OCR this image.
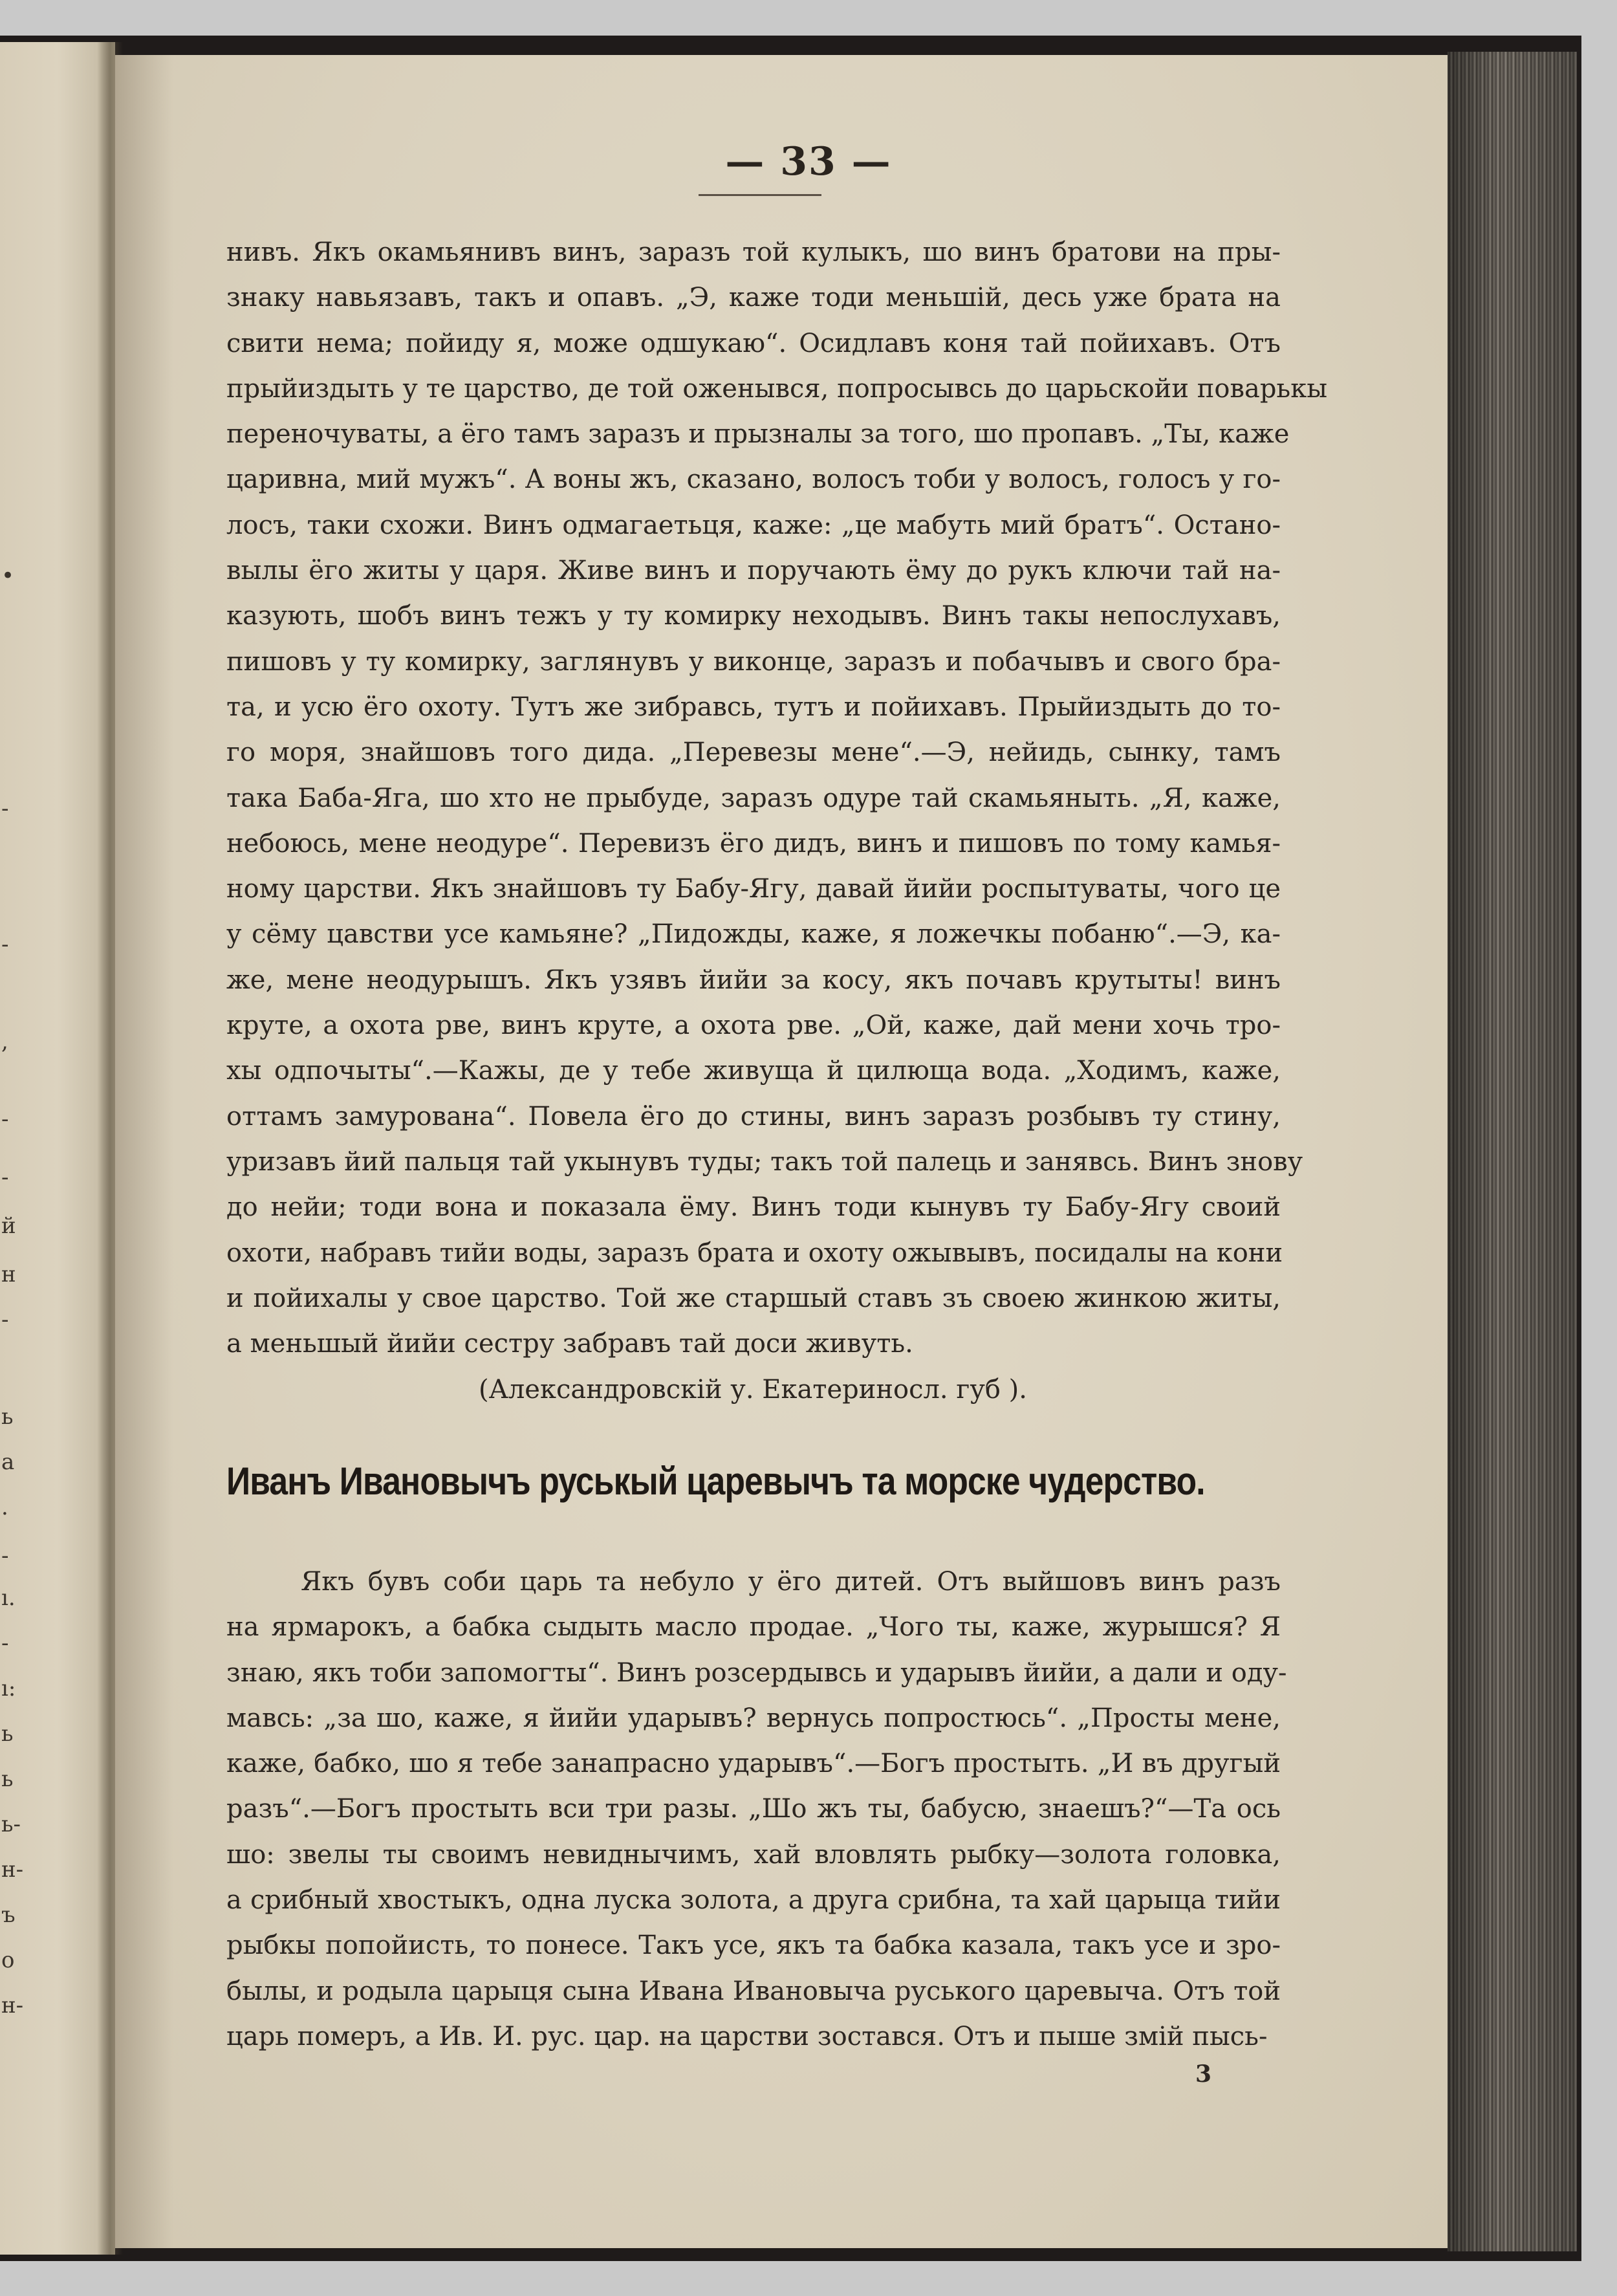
•
-
-
,
-
-
й
н
-
ь
а
.
-
ı.
-
ı:
ь
ь
ь-
н-
ъ
о
н-
— 33 —
нивъ. Якъ окамьянивъ винъ, заразъ той кулыкъ, шо винъ братови на пры-
знаку навьязавъ, такъ и опавъ. „Э, каже тоди меньшій, десь уже брата на
свити нема; пойиду я, може одшукаю“. Осидлавъ коня тай пойихавъ. Отъ
прыйиздыть у те царство, де той оженывся, попросывсь до царьскойи поварькы
переночуваты, а ёго тамъ заразъ и прызналы за того, шо пропавъ. „Ты, каже
царивна, мий мужъ“. А воны жъ, сказано, волосъ тоби у волосъ, голосъ у го-
лосъ, таки схожи. Винъ одмагаетьця, каже: „це мабуть мий братъ“. Остано-
вылы ёго житы у царя. Живе винъ и поручають ёму до рукъ ключи тай на-
казують, шобъ винъ тежъ у ту комирку неходывъ. Винъ такы непослухавъ,
пишовъ у ту комирку, заглянувъ у виконце, заразъ и побачывъ и свого бра-
та, и усю ёго охоту. Тутъ же зибравсь, тутъ и пойихавъ. Прыйиздыть до то-
го моря, знайшовъ того дида. „Перевезы мене“.—Э, нейидь, сынку, тамъ
така Баба-Яга, шо хто не прыбуде, заразъ одуре тай скамьяныть. „Я, каже,
небоюсь, мене неодуре“. Перевизъ ёго дидъ, винъ и пишовъ по тому камья-
ному царстви. Якъ знайшовъ ту Бабу-Ягу, давай йийи роспытуваты, чого це
у сёму цавстви усе камьяне? „Пидожды, каже, я ложечкы побаню“.—Э, ка-
же, мене неодурышъ. Якъ узявъ йийи за косу, якъ почавъ крутыты! винъ
круте, а охота рве, винъ круте, а охота рве. „Ой, каже, дай мени хочь тро-
хы одпочыты“.—Кажы, де у тебе живуща й цилюща вода. „Ходимъ, каже,
оттамъ замурована“. Повела ёго до стины, винъ заразъ розбывъ ту стину,
уризавъ йий пальця тай укынувъ туды; такъ той палець и занявсь. Винъ знову
до нейи; тоди вона и показала ёму. Винъ тоди кынувъ ту Бабу-Ягу своий
охоти, набравъ тийи воды, заразъ брата и охоту ожывывъ, посидалы на кони
и пойихалы у свое царство. Той же старшый ставъ зъ своею жинкою житы,
а меньшый йийи сестру забравъ тай доси живуть.
(Александровскій у. Екатериносл. губ ).
Иванъ Ивановычъ руськый царевычъ та морске чудерство.
Якъ бувъ соби царь та небуло у ёго дитей. Отъ выйшовъ винъ разъ
на ярмарокъ, а бабка сыдыть масло продае. „Чого ты, каже, журышся? Я
знаю, якъ тоби запомогты“. Винъ розсердывсь и ударывъ йийи, а дали и оду-
мавсь: „за шо, каже, я йийи ударывъ? вернусь попростюсь“. „Просты мене,
каже, бабко, шо я тебе занапрасно ударывъ“.—Богъ простыть. „И въ другый
разъ“.—Богъ простыть вси три разы. „Шо жъ ты, бабусю, знаешъ?“—Та ось
шо: звелы ты своимъ невиднычимъ, хай вловлять рыбку—золота головка,
а срибный хвостыкъ, одна луска золота, а друга срибна, та хай царыца тийи
рыбкы попойисть, то понесе. Такъ усе, якъ та бабка казала, такъ усе и зро-
былы, и родыла царыця сына Ивана Ивановыча руського царевыча. Отъ той
царь померъ, а Ив. И. рус. цар. на царстви зостався. Отъ и пыше змій пысь-
3
